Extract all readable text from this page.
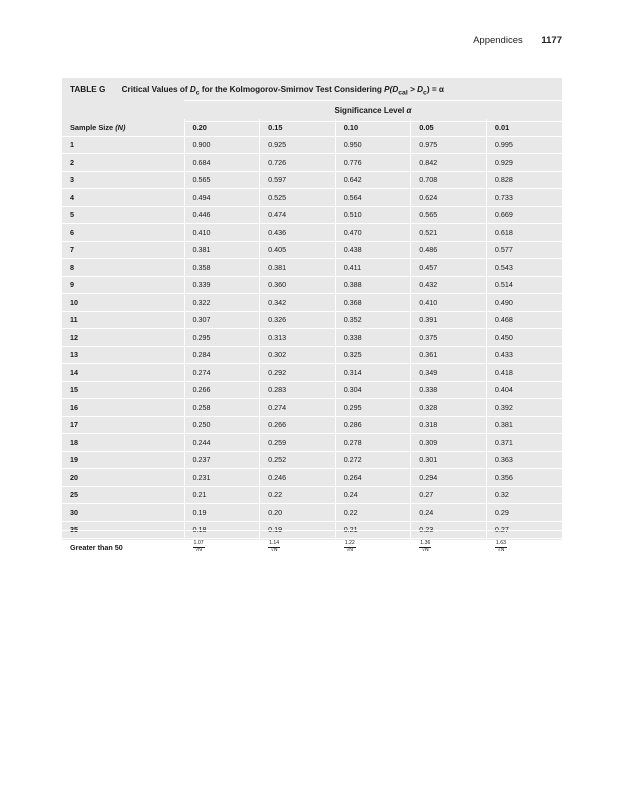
Appendices 1177
TABLE G Critical Values of $D_c$ for the Kolmogorov-Smirnov Test Considering $P(D_{cal} > D_c) = \alpha$
Significance Level α
Sample Size (N)	0.20	0.15	0.10	0.05	0.01
1	0.900	0.925	0.950	0.975	0.995
2	0.684	0.726	0.776	0.842	0.929
3	0.565	0.597	0.642	0.708	0.828
4	0.494	0.525	0.564	0.624	0.733
5	0.446	0.474	0.510	0.565	0.669
6	0.410	0.436	0.470	0.521	0.618
7	0.381	0.405	0.438	0.486	0.577
8	0.358	0.381	0.411	0.457	0.543
9	0.339	0.360	0.388	0.432	0.514
10	0.322	0.342	0.368	0.410	0.490
11	0.307	0.326	0.352	0.391	0.468
12	0.295	0.313	0.338	0.375	0.450
13	0.284	0.302	0.325	0.361	0.433
14	0.274	0.292	0.314	0.349	0.418
15	0.266	0.283	0.304	0.338	0.404
16	0.258	0.274	0.295	0.328	0.392
17	0.250	0.266	0.286	0.318	0.381
18	0.244	0.259	0.278	0.309	0.371
19	0.237	0.252	0.272	0.301	0.363
20	0.231	0.246	0.264	0.294	0.356
25	0.21	0.22	0.24	0.27	0.32
30	0.19	0.20	0.22	0.24	0.29
35	0.18	0.19	0.21	0.23	0.27
Greater than 50	$\frac{1.07}{√N}$	$\frac{1.14}{√N}$	$\frac{1.22}{√N}$	$\frac{1.36}{√N}$	$\frac{1.63}{√N}$
